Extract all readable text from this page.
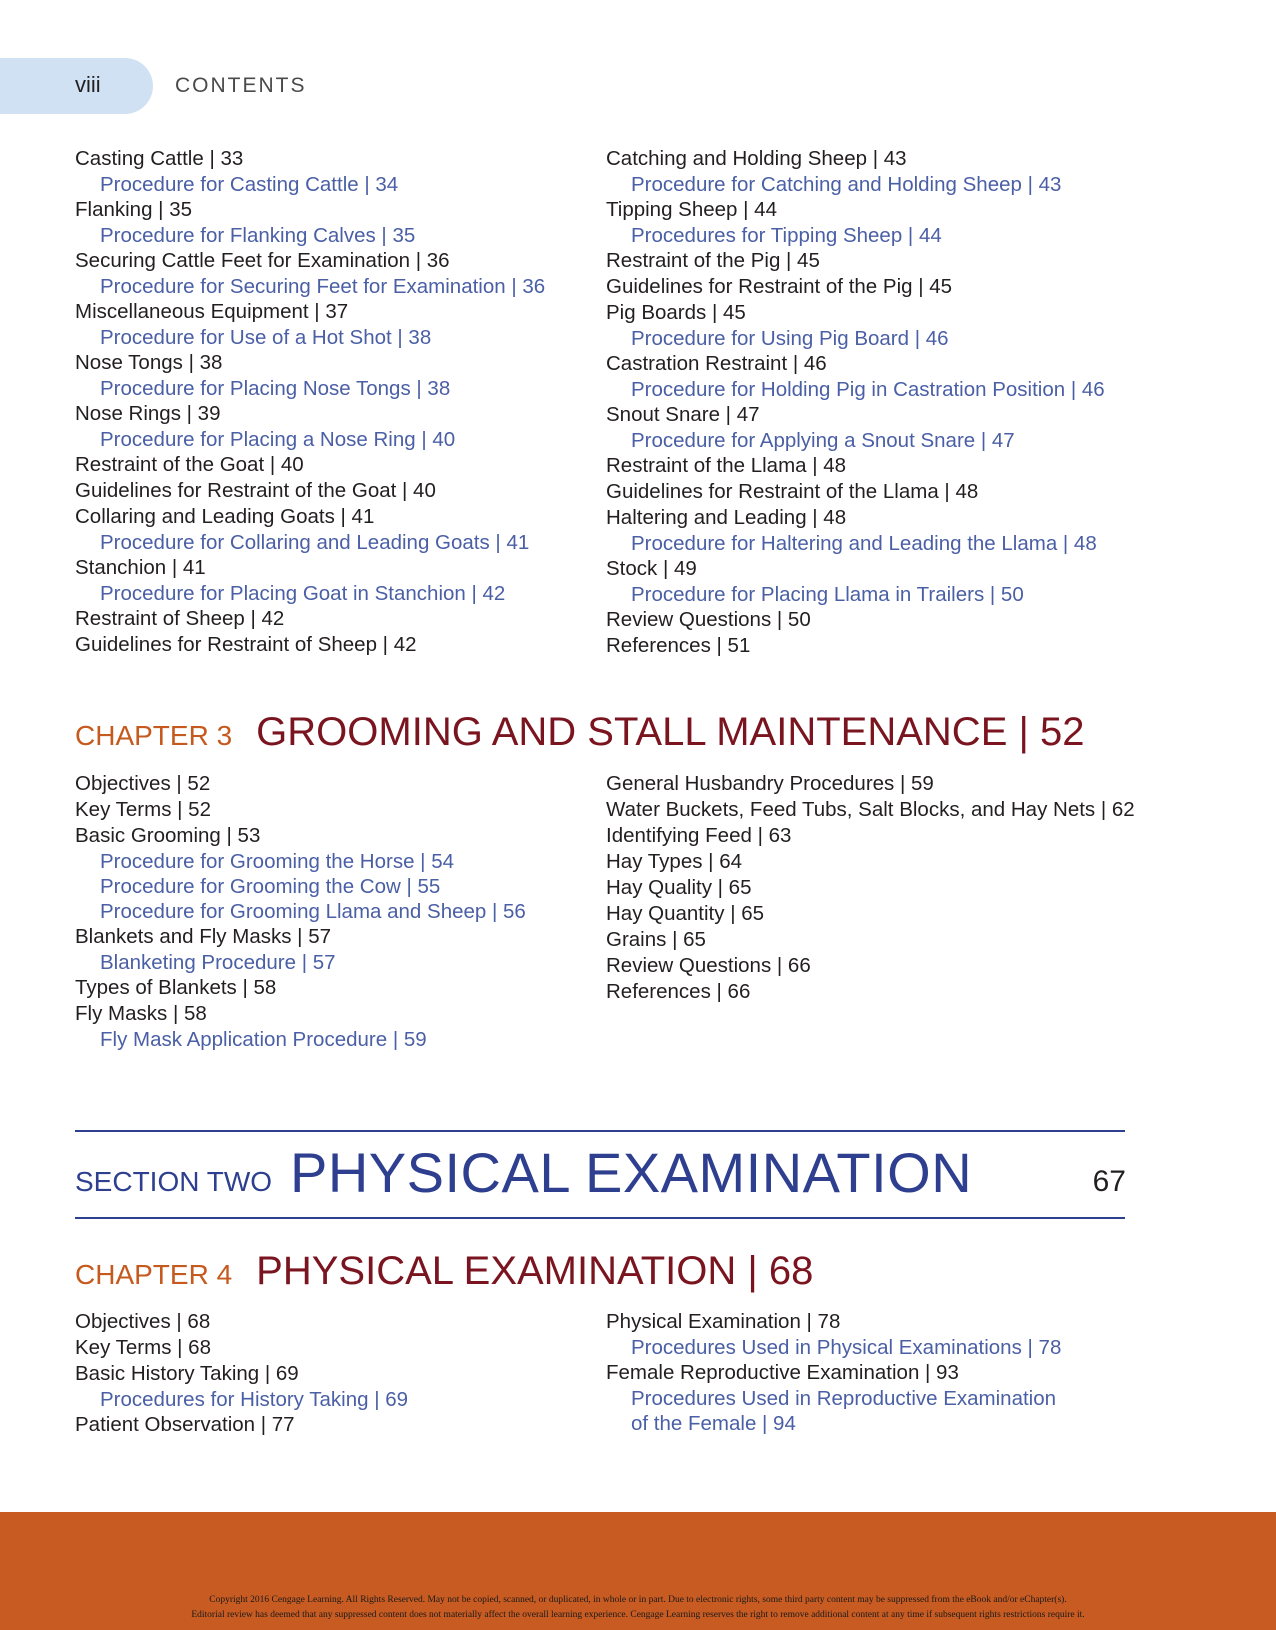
viii	CONTENTS
Casting Cattle | 33
Procedure for Casting Cattle | 34
Flanking | 35
Procedure for Flanking Calves | 35
Securing Cattle Feet for Examination | 36
Procedure for Securing Feet for Examination | 36
Miscellaneous Equipment | 37
Procedure for Use of a Hot Shot | 38
Nose Tongs | 38
Procedure for Placing Nose Tongs | 38
Nose Rings | 39
Procedure for Placing a Nose Ring | 40
Restraint of the Goat | 40
Guidelines for Restraint of the Goat | 40
Collaring and Leading Goats | 41
Procedure for Collaring and Leading Goats | 41
Stanchion | 41
Procedure for Placing Goat in Stanchion | 42
Restraint of Sheep | 42
Guidelines for Restraint of Sheep | 42
Catching and Holding Sheep | 43
Procedure for Catching and Holding Sheep | 43
Tipping Sheep | 44
Procedures for Tipping Sheep | 44
Restraint of the Pig | 45
Guidelines for Restraint of the Pig | 45
Pig Boards | 45
Procedure for Using Pig Board | 46
Castration Restraint | 46
Procedure for Holding Pig in Castration Position | 46
Snout Snare | 47
Procedure for Applying a Snout Snare | 47
Restraint of the Llama | 48
Guidelines for Restraint of the Llama | 48
Haltering and Leading | 48
Procedure for Haltering and Leading the Llama | 48
Stock | 49
Procedure for Placing Llama in Trailers | 50
Review Questions | 50
References | 51
CHAPTER 3 GROOMING AND STALL MAINTENANCE | 52
Objectives | 52
Key Terms | 52
Basic Grooming | 53
Procedure for Grooming the Horse | 54
Procedure for Grooming the Cow | 55
Procedure for Grooming Llama and Sheep | 56
Blankets and Fly Masks | 57
Blanketing Procedure | 57
Types of Blankets | 58
Fly Masks | 58
Fly Mask Application Procedure | 59
General Husbandry Procedures | 59
Water Buckets, Feed Tubs, Salt Blocks, and Hay Nets | 62
Identifying Feed | 63
Hay Types | 64
Hay Quality | 65
Hay Quantity | 65
Grains | 65
Review Questions | 66
References | 66
SECTION TWO PHYSICAL EXAMINATION	67
CHAPTER 4 PHYSICAL EXAMINATION | 68
Objectives | 68
Key Terms | 68
Basic History Taking | 69
Procedures for History Taking | 69
Patient Observation | 77
Physical Examination | 78
Procedures Used in Physical Examinations | 78
Female Reproductive Examination | 93
Procedures Used in Reproductive Examination
of the Female | 94
Copyright 2016 Cengage Learning. All Rights Reserved. May not be copied, scanned, or duplicated, in whole or in part. Due to electronic rights, some third party content may be suppressed from the eBook and/or eChapter(s).
Editorial review has deemed that any suppressed content does not materially affect the overall learning experience. Cengage Learning reserves the right to remove additional content at any time if subsequent rights restrictions require it.
